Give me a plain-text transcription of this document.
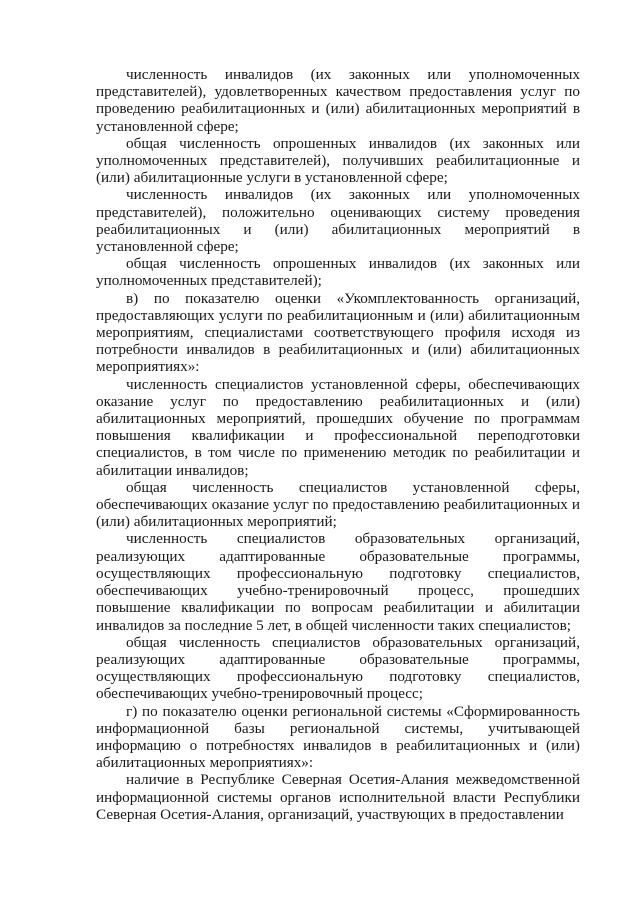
численность инвалидов (их законных или уполномоченных представителей), удовлетворенных качеством предоставления услуг по проведению реабилитационных и (или) абилитационных мероприятий в установленной сфере;

общая численность опрошенных инвалидов (их законных или уполномоченных представителей), получивших реабилитационные и (или) абилитационные услуги в установленной сфере;

численность инвалидов (их законных или уполномоченных представителей), положительно оценивающих систему проведения реабилитационных и (или) абилитационных мероприятий в установленной сфере;

общая численность опрошенных инвалидов (их законных или уполномоченных представителей);

в) по показателю оценки «Укомплектованность организаций, предоставляющих услуги по реабилитационным и (или) абилитационным мероприятиям, специалистами соответствующего профиля исходя из потребности инвалидов в реабилитационных и (или) абилитационных мероприятиях»:

численность специалистов установленной сферы, обеспечивающих оказание услуг по предоставлению реабилитационных и (или) абилитационных мероприятий, прошедших обучение по программам повышения квалификации и профессиональной переподготовки специалистов, в том числе по применению методик по реабилитации и абилитации инвалидов;

общая численность специалистов установленной сферы, обеспечивающих оказание услуг по предоставлению реабилитационных и (или) абилитационных мероприятий;

численность специалистов образовательных организаций, реализующих адаптированные образовательные программы, осуществляющих профессиональную подготовку специалистов, обеспечивающих учебно-тренировочный процесс, прошедших повышение квалификации по вопросам реабилитации и абилитации инвалидов за последние 5 лет, в общей численности таких специалистов;

общая численность специалистов образовательных организаций, реализующих адаптированные образовательные программы, осуществляющих профессиональную подготовку специалистов, обеспечивающих учебно-тренировочный процесс;

г) по показателю оценки региональной системы «Сформированность информационной базы региональной системы, учитывающей информацию о потребностях инвалидов в реабилитационных и (или) абилитационных мероприятиях»:

наличие в Республике Северная Осетия-Алания межведомственной информационной системы органов исполнительной власти Республики Северная Осетия-Алания, организаций, участвующих в предоставлении
